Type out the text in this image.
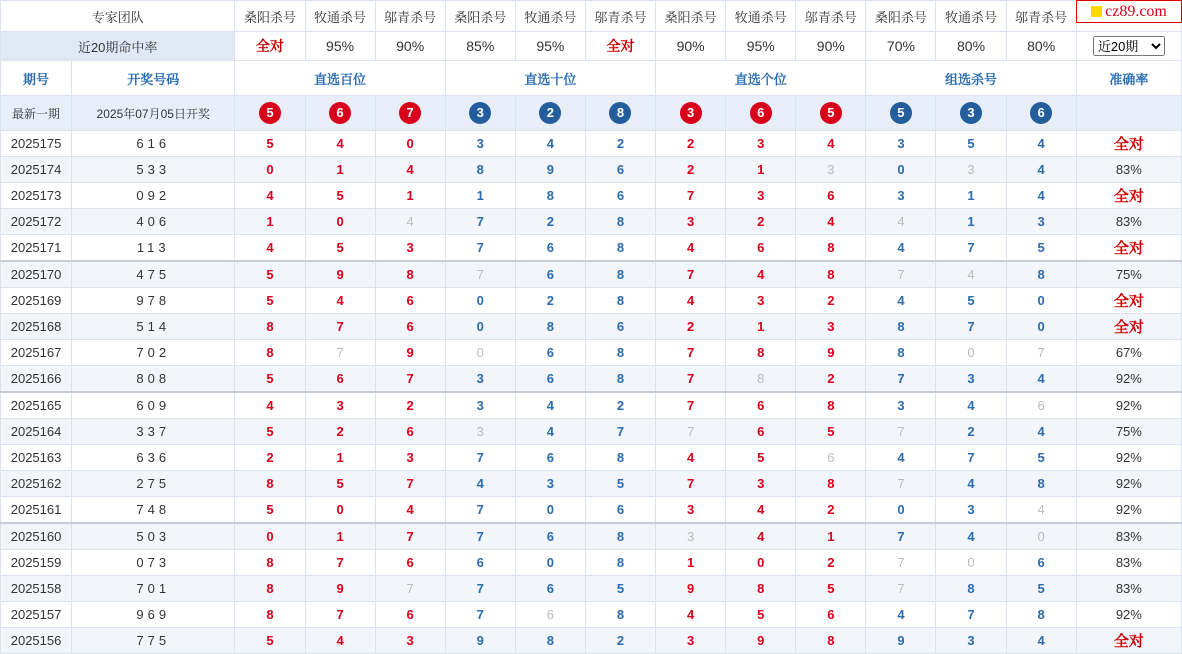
cz89.com
专家团队		桑阳杀号	牧通杀号	邬青杀号	桑阳杀号	牧通杀号	邬青杀号	桑阳杀号	牧通杀号	邬青杀号	桑阳杀号	牧通杀号	邬青杀号	
近20期命中率		全对	95%	90%	85%	95%	全对	90%	95%	90%	70%	80%	80%	
近20期
期号	开奖号码	直选百位			直选十位			直选个位			组选杀号			准确率
最新一期	2025年07月05日开奖	5	6	7	3	2	8	3	6	5	5	3	6	
2025175	616	5	4	0	3	4	2	2	3	4	3	5	4	全对
2025174	533	0	1	4	8	9	6	2	1	3	0	3	4	83%
2025173	092	4	5	1	1	8	6	7	3	6	3	1	4	全对
2025172	406	1	0	4	7	2	8	3	2	4	4	1	3	83%
2025171	113	4	5	3	7	6	8	4	6	8	4	7	5	全对
2025170	475	5	9	8	7	6	8	7	4	8	7	4	8	75%
2025169	978	5	4	6	0	2	8	4	3	2	4	5	0	全对
2025168	514	8	7	6	0	8	6	2	1	3	8	7	0	全对
2025167	702	8	7	9	0	6	8	7	8	9	8	0	7	67%
2025166	808	5	6	7	3	6	8	7	8	2	7	3	4	92%
2025165	609	4	3	2	3	4	2	7	6	8	3	4	6	92%
2025164	337	5	2	6	3	4	7	7	6	5	7	2	4	75%
2025163	636	2	1	3	7	6	8	4	5	6	4	7	5	92%
2025162	275	8	5	7	4	3	5	7	3	8	7	4	8	92%
2025161	748	5	0	4	7	0	6	3	4	2	0	3	4	92%
2025160	503	0	1	7	7	6	8	3	4	1	7	4	0	83%
2025159	073	8	7	6	6	0	8	1	0	2	7	0	6	83%
2025158	701	8	9	7	7	6	5	9	8	5	7	8	5	83%
2025157	969	8	7	6	7	6	8	4	5	6	4	7	8	92%
2025156	775	5	4	3	9	8	2	3	9	8	9	3	4	全对
